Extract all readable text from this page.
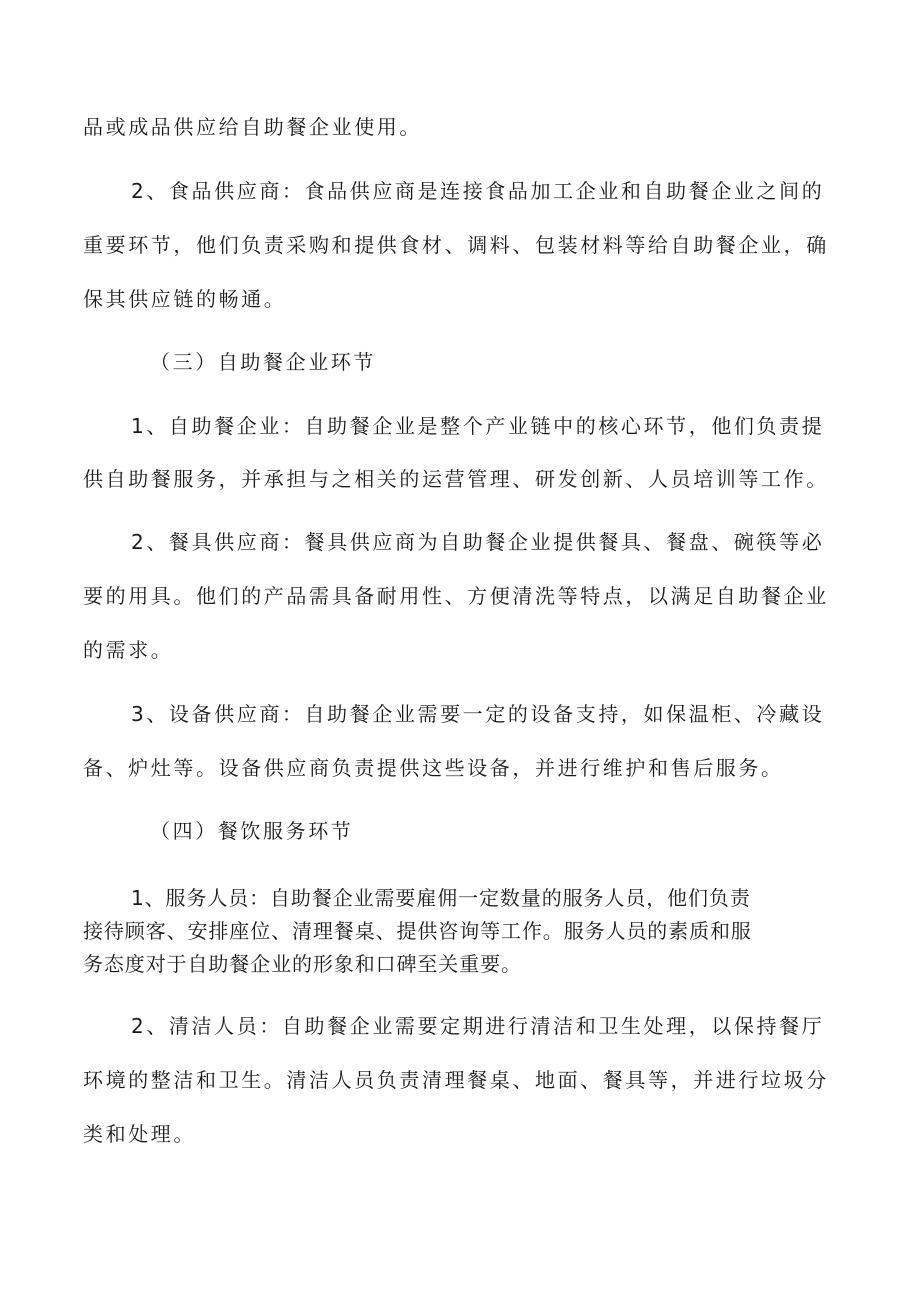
品或成品供应给自助餐企业使用。
2、食品供应商：食品供应商是连接食品加工企业和自助餐企业之间的
重要环节，他们负责采购和提供食材、调料、包装材料等给自助餐企业，确
保其供应链的畅通。
（三）自助餐企业环节
1、自助餐企业：自助餐企业是整个产业链中的核心环节，他们负责提
供自助餐服务，并承担与之相关的运营管理、研发创新、人员培训等工作。
2、餐具供应商：餐具供应商为自助餐企业提供餐具、餐盘、碗筷等必
要的用具。他们的产品需具备耐用性、方便清洗等特点，以满足自助餐企业
的需求。
3、设备供应商：自助餐企业需要一定的设备支持，如保温柜、冷藏设
备、炉灶等。设备供应商负责提供这些设备，并进行维护和售后服务。
（四）餐饮服务环节
1、服务人员：自助餐企业需要雇佣一定数量的服务人员，他们负责
接待顾客、安排座位、清理餐桌、提供咨询等工作。服务人员的素质和服
务态度对于自助餐企业的形象和口碑至关重要。
2、清洁人员：自助餐企业需要定期进行清洁和卫生处理，以保持餐厅
环境的整洁和卫生。清洁人员负责清理餐桌、地面、餐具等，并进行垃圾分
类和处理。
